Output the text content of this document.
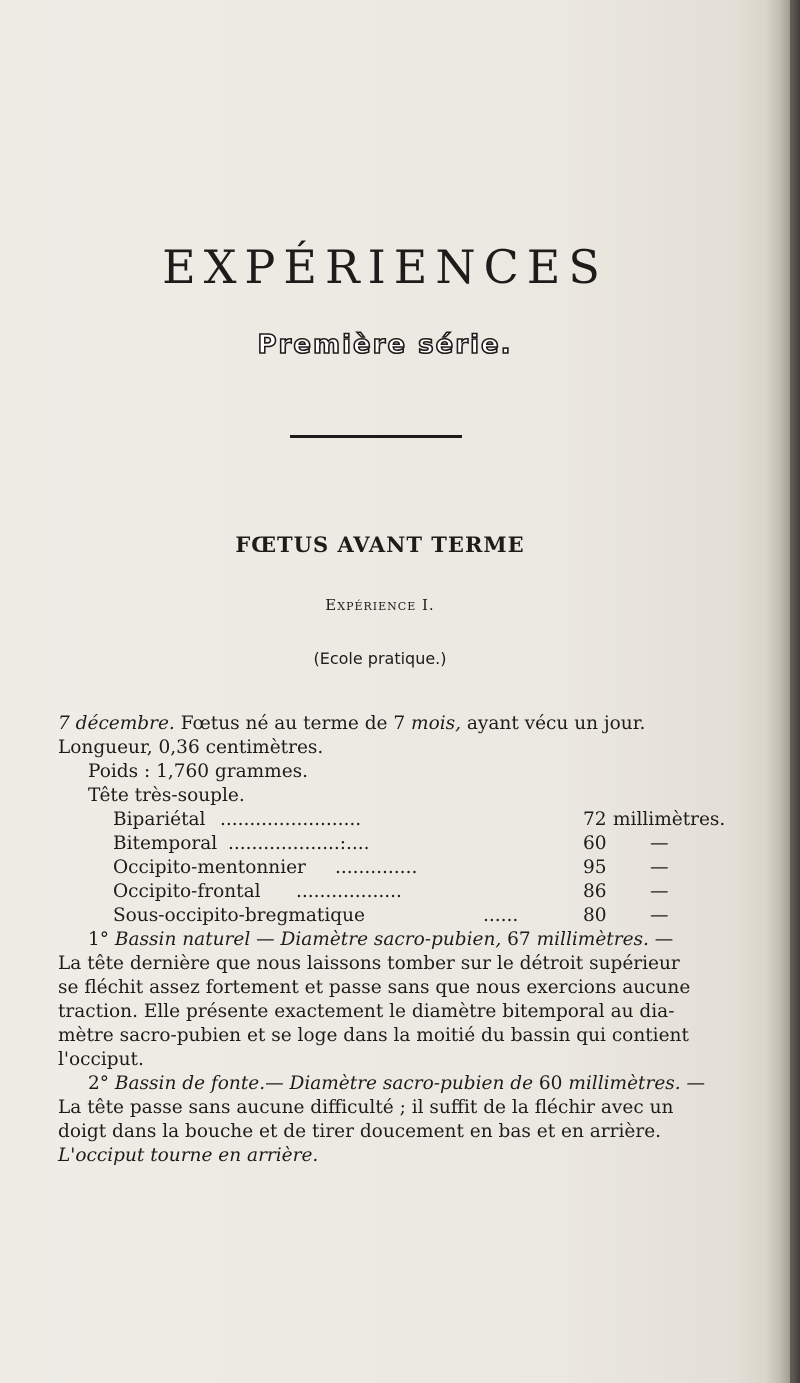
EXPÉRIENCES
Première série.
FŒTUS AVANT TERME
Expérience I.
(Ecole pratique.)
7 décembre. Fœtus né au terme de 7 mois, ayant vécu un jour.
Longueur, 0,36 centimètres.
Poids : 1,760 grammes.
Tête très-souple.
Bipariétal ........................	72 millimètres.
Bitemporal ...................:....	60 —
Occipito-mentonnier ..............	95 —
Occipito-frontal ..................	86 —
Sous-occipito-bregmatique	......	80 —
1° Bassin naturel — Diamètre sacro-pubien, 67 millimètres. —
La tête dernière que nous laissons tomber sur le détroit supérieur
se fléchit assez fortement et passe sans que nous exercions aucune
traction. Elle présente exactement le diamètre bitemporal au dia-
mètre sacro-pubien et se loge dans la moitié du bassin qui contient
l'occiput.
2° Bassin de fonte.— Diamètre sacro-pubien de 60 millimètres. —
La tête passe sans aucune difficulté ; il suffit de la fléchir avec un
doigt dans la bouche et de tirer doucement en bas et en arrière.
L'occiput tourne en arrière.
